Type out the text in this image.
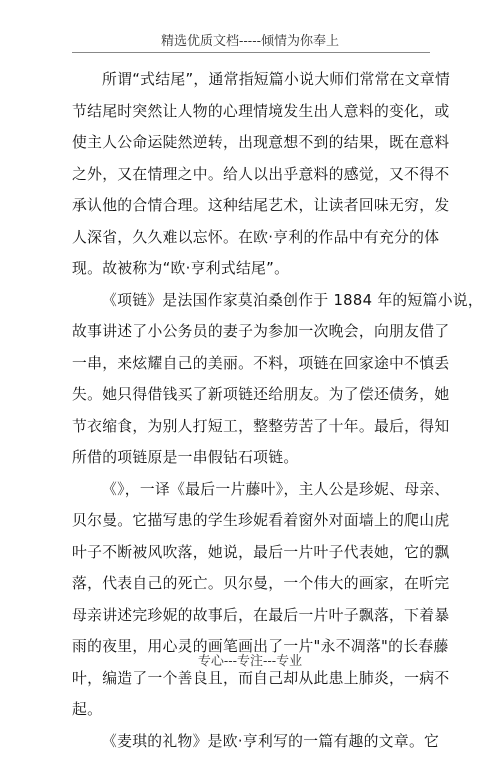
精选优质文档-----倾情为你奉上
所谓“式结尾”，通常指短篇小说大师们常常在文章情
节结尾时突然让人物的心理情境发生出人意料的变化，或
使主人公命运陡然逆转，出现意想不到的结果，既在意料
之外，又在情理之中。给人以出乎意料的感觉，又不得不
承认他的合情合理。这种结尾艺术，让读者回味无穷，发
人深省，久久难以忘怀。在欧·亨利的作品中有充分的体
现。故被称为“欧·亨利式结尾”。
《项链》是法国作家莫泊桑创作于 1884 年的短篇小说，
故事讲述了小公务员的妻子为参加一次晚会，向朋友借了
一串，来炫耀自己的美丽。不料，项链在回家途中不慎丢
失。她只得借钱买了新项链还给朋友。为了偿还债务，她
节衣缩食，为别人打短工，整整劳苦了十年。最后，得知
所借的项链原是一串假钻石项链。
《》，一译《最后一片藤叶》，主人公是珍妮、母亲、
贝尔曼。它描写患的学生珍妮看着窗外对面墙上的爬山虎
叶子不断被风吹落，她说，最后一片叶子代表她，它的飘
落，代表自己的死亡。贝尔曼，一个伟大的画家，在听完
母亲讲述完珍妮的故事后，在最后一片叶子飘落，下着暴
雨的夜里，用心灵的画笔画出了一片"永不凋落"的长春藤
叶，编造了一个善良且，而自己却从此患上肺炎，一病不
起。
《麦琪的礼物》是欧·亨利写的一篇有趣的文章。它
专心---专注---专业
